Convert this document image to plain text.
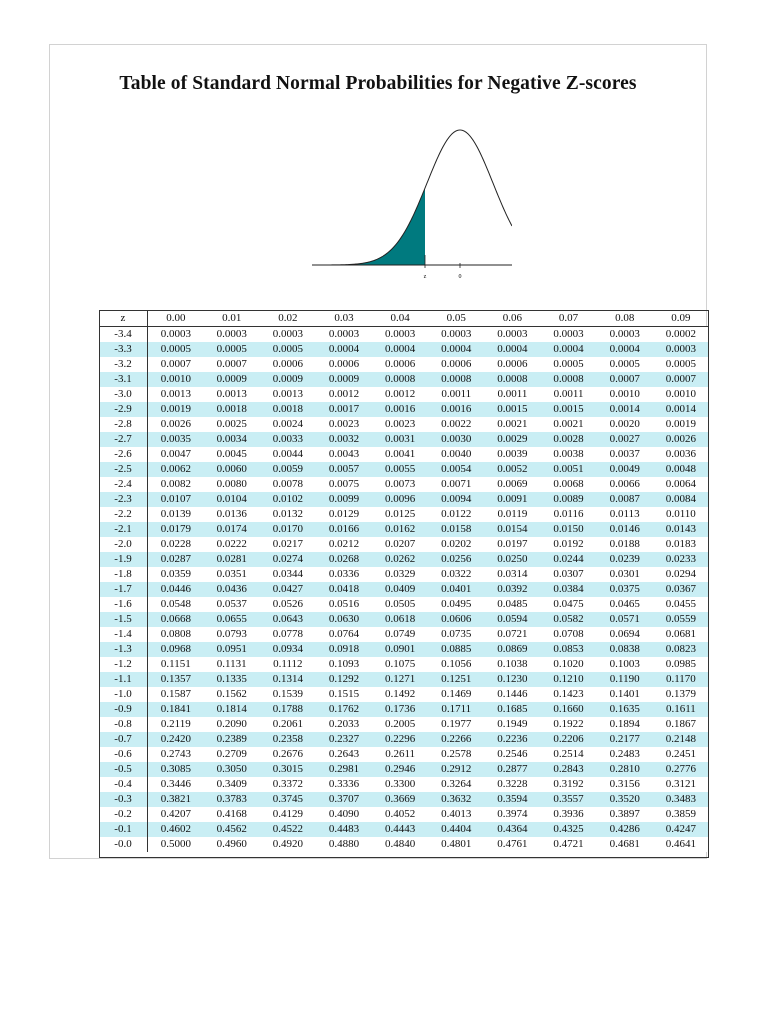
Table of Standard Normal Probabilities for Negative Z-scores
z	0
z	0.00	0.01	0.02	0.03	0.04	0.05	0.06	0.07	0.08	0.09
-3.4	0.0003	0.0003	0.0003	0.0003	0.0003	0.0003	0.0003	0.0003	0.0003	0.0002
-3.3	0.0005	0.0005	0.0005	0.0004	0.0004	0.0004	0.0004	0.0004	0.0004	0.0003
-3.2	0.0007	0.0007	0.0006	0.0006	0.0006	0.0006	0.0006	0.0005	0.0005	0.0005
-3.1	0.0010	0.0009	0.0009	0.0009	0.0008	0.0008	0.0008	0.0008	0.0007	0.0007
-3.0	0.0013	0.0013	0.0013	0.0012	0.0012	0.0011	0.0011	0.0011	0.0010	0.0010
-2.9	0.0019	0.0018	0.0018	0.0017	0.0016	0.0016	0.0015	0.0015	0.0014	0.0014
-2.8	0.0026	0.0025	0.0024	0.0023	0.0023	0.0022	0.0021	0.0021	0.0020	0.0019
-2.7	0.0035	0.0034	0.0033	0.0032	0.0031	0.0030	0.0029	0.0028	0.0027	0.0026
-2.6	0.0047	0.0045	0.0044	0.0043	0.0041	0.0040	0.0039	0.0038	0.0037	0.0036
-2.5	0.0062	0.0060	0.0059	0.0057	0.0055	0.0054	0.0052	0.0051	0.0049	0.0048
-2.4	0.0082	0.0080	0.0078	0.0075	0.0073	0.0071	0.0069	0.0068	0.0066	0.0064
-2.3	0.0107	0.0104	0.0102	0.0099	0.0096	0.0094	0.0091	0.0089	0.0087	0.0084
-2.2	0.0139	0.0136	0.0132	0.0129	0.0125	0.0122	0.0119	0.0116	0.0113	0.0110
-2.1	0.0179	0.0174	0.0170	0.0166	0.0162	0.0158	0.0154	0.0150	0.0146	0.0143
-2.0	0.0228	0.0222	0.0217	0.0212	0.0207	0.0202	0.0197	0.0192	0.0188	0.0183
-1.9	0.0287	0.0281	0.0274	0.0268	0.0262	0.0256	0.0250	0.0244	0.0239	0.0233
-1.8	0.0359	0.0351	0.0344	0.0336	0.0329	0.0322	0.0314	0.0307	0.0301	0.0294
-1.7	0.0446	0.0436	0.0427	0.0418	0.0409	0.0401	0.0392	0.0384	0.0375	0.0367
-1.6	0.0548	0.0537	0.0526	0.0516	0.0505	0.0495	0.0485	0.0475	0.0465	0.0455
-1.5	0.0668	0.0655	0.0643	0.0630	0.0618	0.0606	0.0594	0.0582	0.0571	0.0559
-1.4	0.0808	0.0793	0.0778	0.0764	0.0749	0.0735	0.0721	0.0708	0.0694	0.0681
-1.3	0.0968	0.0951	0.0934	0.0918	0.0901	0.0885	0.0869	0.0853	0.0838	0.0823
-1.2	0.1151	0.1131	0.1112	0.1093	0.1075	0.1056	0.1038	0.1020	0.1003	0.0985
-1.1	0.1357	0.1335	0.1314	0.1292	0.1271	0.1251	0.1230	0.1210	0.1190	0.1170
-1.0	0.1587	0.1562	0.1539	0.1515	0.1492	0.1469	0.1446	0.1423	0.1401	0.1379
-0.9	0.1841	0.1814	0.1788	0.1762	0.1736	0.1711	0.1685	0.1660	0.1635	0.1611
-0.8	0.2119	0.2090	0.2061	0.2033	0.2005	0.1977	0.1949	0.1922	0.1894	0.1867
-0.7	0.2420	0.2389	0.2358	0.2327	0.2296	0.2266	0.2236	0.2206	0.2177	0.2148
-0.6	0.2743	0.2709	0.2676	0.2643	0.2611	0.2578	0.2546	0.2514	0.2483	0.2451
-0.5	0.3085	0.3050	0.3015	0.2981	0.2946	0.2912	0.2877	0.2843	0.2810	0.2776
-0.4	0.3446	0.3409	0.3372	0.3336	0.3300	0.3264	0.3228	0.3192	0.3156	0.3121
-0.3	0.3821	0.3783	0.3745	0.3707	0.3669	0.3632	0.3594	0.3557	0.3520	0.3483
-0.2	0.4207	0.4168	0.4129	0.4090	0.4052	0.4013	0.3974	0.3936	0.3897	0.3859
-0.1	0.4602	0.4562	0.4522	0.4483	0.4443	0.4404	0.4364	0.4325	0.4286	0.4247
-0.0	0.5000	0.4960	0.4920	0.4880	0.4840	0.4801	0.4761	0.4721	0.4681	0.4641
